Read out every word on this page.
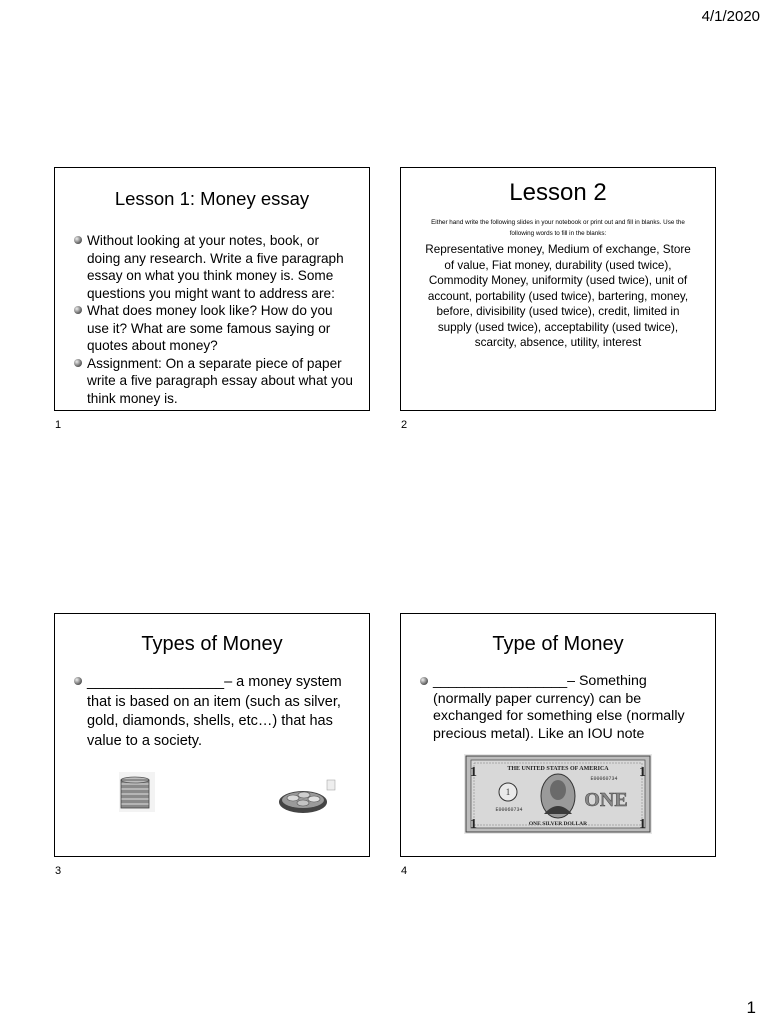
4/1/2020
Lesson 1: Money essay
Without looking at your notes, book, or doing any research. Write a five paragraph essay on what you think money is. Some questions you might want to address are:
What does money look like? How do you use it? What are some famous saying or quotes about money?
Assignment: On a separate piece of paper write a five paragraph essay about what you think money is.
1
Lesson 2
Either hand write the following slides in your notebook or print out and fill in blanks. Use the following words to fill in the blanks:
Representative money, Medium of exchange, Store of value, Fiat money, durability (used twice), Commodity Money, uniformity (used twice), unit of account, portability (used twice), bartering, money, before, divisibility (used twice), credit, limited in supply (used twice), acceptability (used twice), scarcity, absence, utility, interest
2
Types of Money
_________________– a money system that is based on an item (such as silver, gold, diamonds, shells, etc…) that has value to a society.
3
Type of Money
_________________– Something (normally paper currency) can be exchanged for something else (normally precious metal). Like an IOU note
1	1
1	1
THE UNITED STATES OF AMERICA
E00060734
E00060734
1	ONE
ONE SILVER DOLLAR
4
1
